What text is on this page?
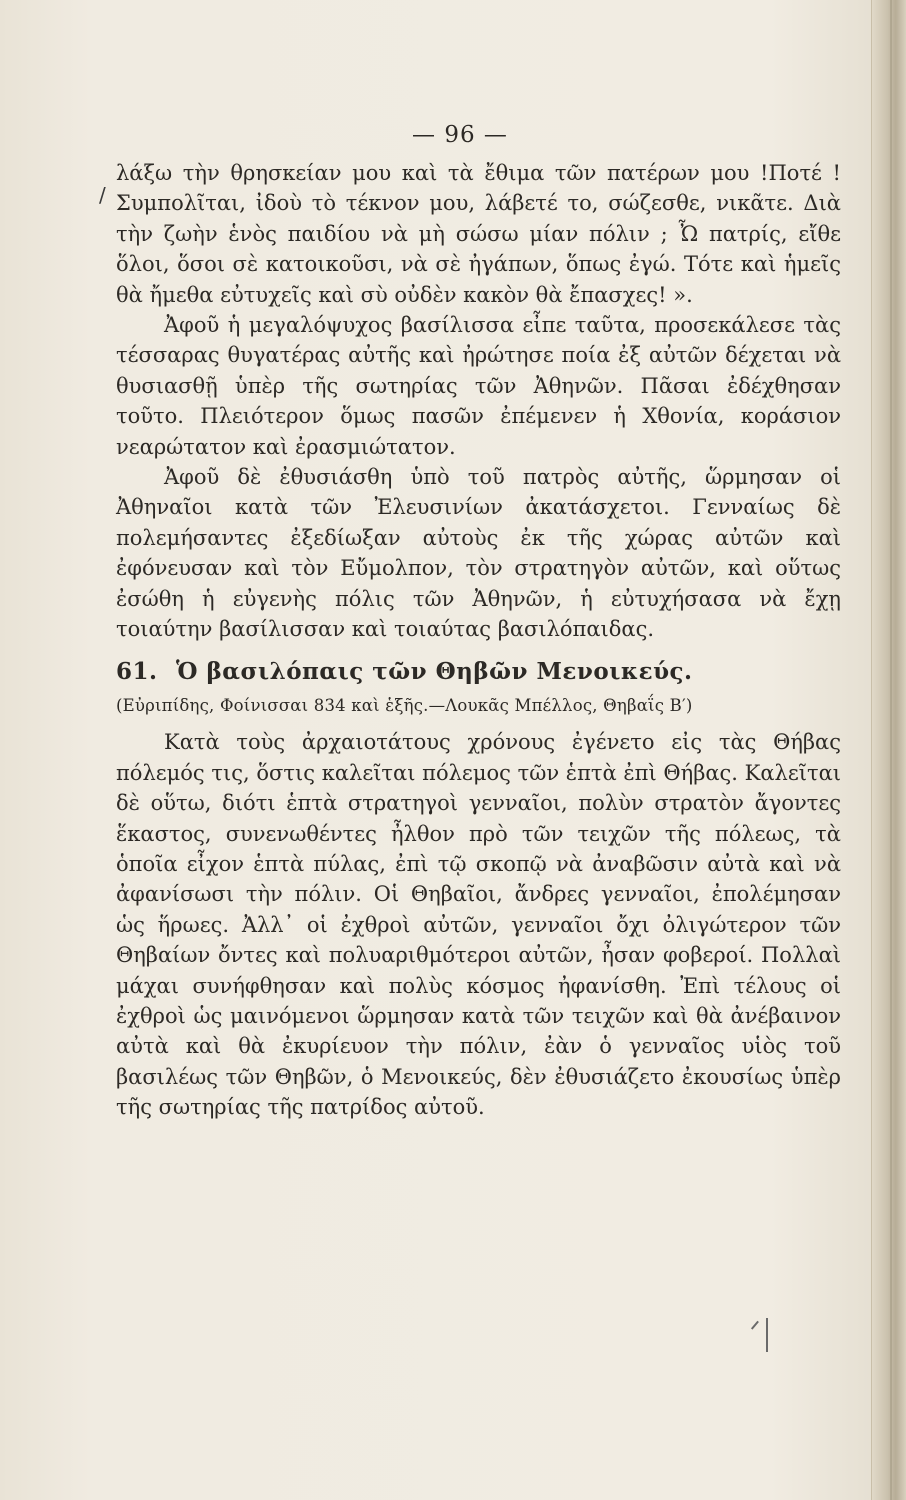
— 96 —
/

λάξω τὴν θρησκείαν μου καὶ τὰ ἔθιμα τῶν πατέρων μου !Ποτέ ! Συμπολῖται, ἰδοὺ τὸ τέκνον μου, λάβετέ το, σώζεσθε, νικᾶτε. Διὰ τὴν ζωὴν ἑνὸς παιδίου νὰ μὴ σώσω μίαν πόλιν ; Ὦ πατρίς, εἴθε ὅλοι, ὅσοι σὲ κατοικοῦσι, νὰ σὲ ἠγάπων, ὅπως ἐγώ. Τότε καὶ ἡμεῖς θὰ ἤμεθα εὐτυχεῖς καὶ σὺ οὐδὲν κακὸν θὰ ἔπασχες! ».

Ἀφοῦ ἡ μεγαλόψυχος βασίλισσα εἶπε ταῦτα, προσεκάλεσε τὰς τέσσαρας θυγατέρας αὐτῆς καὶ ἠρώτησε ποία ἐξ αὐτῶν δέχεται νὰ θυσιασθῇ ὑπὲρ τῆς σωτηρίας τῶν Ἀθηνῶν. Πᾶσαι ἐδέχθησαν τοῦτο. Πλειότερον ὅμως πασῶν ἐπέμενεν ἡ Χθονία, κοράσιον νεαρώτατον καὶ ἐρασμιώτατον.

Ἀφοῦ δὲ ἐθυσιάσθη ὑπὸ τοῦ πατρὸς αὐτῆς, ὥρμησαν οἱ Ἀθηναῖοι κατὰ τῶν Ἐλευσινίων ἀκατάσχετοι. Γενναίως δὲ πολεμήσαντες ἐξεδίωξαν αὐτοὺς ἐκ τῆς χώρας αὐτῶν καὶ ἐφόνευσαν καὶ τὸν Εὔμολπον, τὸν στρατηγὸν αὐτῶν, καὶ οὕτως ἐσώθη ἡ εὐγενὴς πόλις τῶν Ἀθηνῶν, ἡ εὐτυχήσασα νὰ ἔχῃ τοιαύτην βασίλισσαν καὶ τοιαύτας βασιλόπαιδας.

61. Ὁ βασιλόπαις τῶν Θηβῶν Μενοικεύς.

(Εὐριπίδης, Φοίνισσαι 834 καὶ ἑξῆς.—Λουκᾶς Μπέλλος, Θηβαΐς Β′)

Κατὰ τοὺς ἀρχαιοτάτους χρόνους ἐγένετο εἰς τὰς Θήβας πόλεμός τις, ὅστις καλεῖται πόλεμος τῶν ἑπτὰ ἐπὶ Θήβας. Καλεῖται δὲ οὕτω, διότι ἑπτὰ στρατηγοὶ γενναῖοι, πολὺν στρατὸν ἄγοντες ἕκαστος, συνενωθέντες ἦλθον πρὸ τῶν τειχῶν τῆς πόλεως, τὰ ὁποῖα εἶχον ἑπτὰ πύλας, ἐπὶ τῷ σκοπῷ νὰ ἀναβῶσιν αὐτὰ καὶ νὰ ἀφανίσωσι τὴν πόλιν. Οἱ Θηβαῖοι, ἄνδρες γενναῖοι, ἐπολέμησαν ὡς ἥρωες. Ἀλλ᾿ οἱ ἐχθροὶ αὐτῶν, γενναῖοι ὄχι ὀλιγώτερον τῶν Θηβαίων ὄντες καὶ πολυαριθμότεροι αὐτῶν, ἦσαν φοβεροί. Πολλαὶ μάχαι συνήφθησαν καὶ πολὺς κόσμος ἠφανίσθη. Ἐπὶ τέλους οἱ ἐχθροὶ ὡς μαινόμενοι ὥρμησαν κατὰ τῶν τειχῶν καὶ θὰ ἀνέβαινον αὐτὰ καὶ θὰ ἐκυρίευον τὴν πόλιν, ἐὰν ὁ γενναῖος υἱὸς τοῦ βασιλέως τῶν Θηβῶν, ὁ Μενοικεύς, δὲν ἐθυσιάζετο ἐκουσίως ὑπὲρ τῆς σωτηρίας τῆς πατρίδος αὐτοῦ.
